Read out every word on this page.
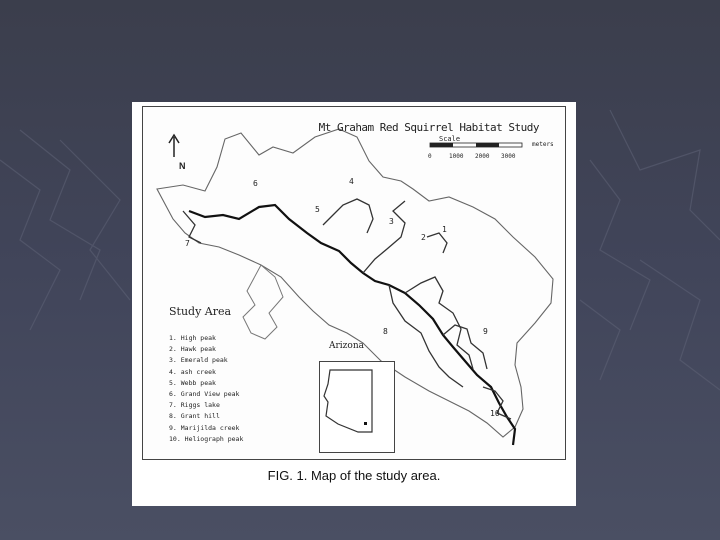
Mt Graham Red Squirrel Habitat Study
N
Scale
0	1000 2000 3000
meters
1
2
3
4
5
6
7
8	9
10
Study Area
1. High peak
2. Hawk peak
3. Emerald peak
4. ash creek
5. Webb peak
6. Grand View peak
7. Riggs lake
8. Grant hill
9. Marijilda creek
10. Heliograph peak
Arizona
FIG. 1. Map of the study area.
